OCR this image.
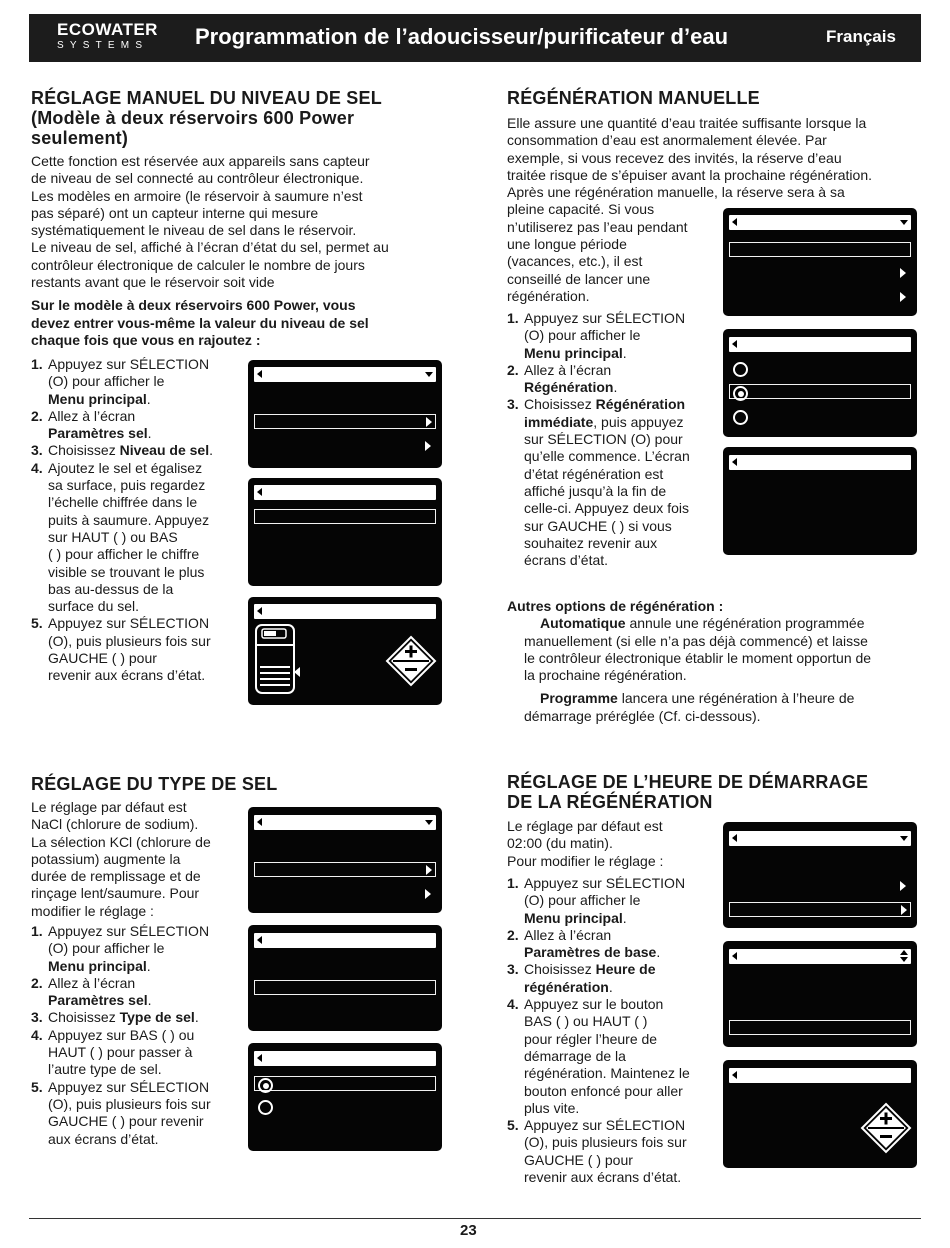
ECOWATER
SYSTEMS Programmation de l’adoucisseur/purificateur d’eau	Français
RÉGLAGE MANUEL DU NIVEAU DE SEL (Modèle à deux réservoirs 600 Power seulement)

Cette fonction est réservée aux appareils sans capteur

de niveau de sel connecté au contrôleur électronique.

Les modèles en armoire (le réservoir à saumure n’est

pas séparé) ont un capteur interne qui mesure

systématiquement le niveau de sel dans le réservoir.

Le niveau de sel, affiché à l’écran d’état du sel, permet au

contrôleur électronique de calculer le nombre de jours

restants avant que le réservoir soit vide

Sur le modèle à deux réservoirs 600 Power, vous

devez entrer vous-même la valeur du niveau de sel

chaque fois que vous en rajoutez :

1. Appuyez sur SÉLECTION
(O) pour afficher le
Menu principal.
2. Allez à l’écran
Paramètres sel.
3. Choisissez Niveau de sel.
4. Ajoutez le sel et égalisez
sa surface, puis regardez
l’échelle chiffrée dans le
puits à saumure. Appuyez
sur HAUT ( ) ou BAS
( ) pour afficher le chiffre
visible se trouvant le plus
bas au-dessus de la
surface du sel.
5. Appuyez sur SÉLECTION
(O), puis plusieurs fois sur
GAUCHE ( ) pour
revenir aux écrans d’état.
RÉGÉNÉRATION MANUELLE

Elle assure une quantité d’eau traitée suffisante lorsque la

consommation d’eau est anormalement élevée. Par

exemple, si vous recevez des invités, la réserve d’eau

traitée risque de s’épuiser avant la prochaine régénération.

Après une régénération manuelle, la réserve sera à sa

pleine capacité. Si vous

n’utiliserez pas l’eau pendant

une longue période

(vacances, etc.), il est

conseillé de lancer une

régénération.

1. Appuyez sur SÉLECTION
(O) pour afficher le
Menu principal.
2. Allez à l’écran
Régénération.
3. Choisissez Régénération
immédiate, puis appuyez
sur SÉLECTION (O) pour
qu’elle commence. L’écran
d’état régénération est
affiché jusqu’à la fin de
celle-ci. Appuyez deux fois
sur GAUCHE ( ) si vous
souhaitez revenir aux
écrans d’état.

Autres options de régénération :

Automatique annule une régénération programmée

manuellement (si elle n’a pas déjà commencé) et laisse

le contrôleur électronique établir le moment opportun de

la prochaine régénération.

Programme lancera une régénération à l’heure de

démarrage préréglée (Cf. ci-dessous).

RÉGLAGE DU TYPE DE SEL

Le réglage par défaut est

NaCl (chlorure de sodium).

La sélection KCl (chlorure de

potassium) augmente la

durée de remplissage et de

rinçage lent/saumure. Pour

modifier le réglage :

1. Appuyez sur SÉLECTION
(O) pour afficher le
Menu principal.
2. Allez à l’écran
Paramètres sel.
3. Choisissez Type de sel.
4. Appuyez sur BAS ( ) ou
HAUT ( ) pour passer à
l’autre type de sel.
5. Appuyez sur SÉLECTION
(O), puis plusieurs fois sur
GAUCHE ( ) pour revenir
aux écrans d’état.
RÉGLAGE DE L’HEURE DE DÉMARRAGE
DE LA RÉGÉNÉRATION

Le réglage par défaut est

02:00 (du matin).

Pour modifier le réglage :

1. Appuyez sur SÉLECTION
(O) pour afficher le
Menu principal.
2. Allez à l’écran
Paramètres de base.
3. Choisissez Heure de
régénération.
4. Appuyez sur le bouton
BAS ( ) ou HAUT ( )
pour régler l’heure de
démarrage de la
régénération. Maintenez le
bouton enfoncé pour aller
plus vite.
5. Appuyez sur SÉLECTION
(O), puis plusieurs fois sur
GAUCHE ( ) pour
revenir aux écrans d’état.
23
